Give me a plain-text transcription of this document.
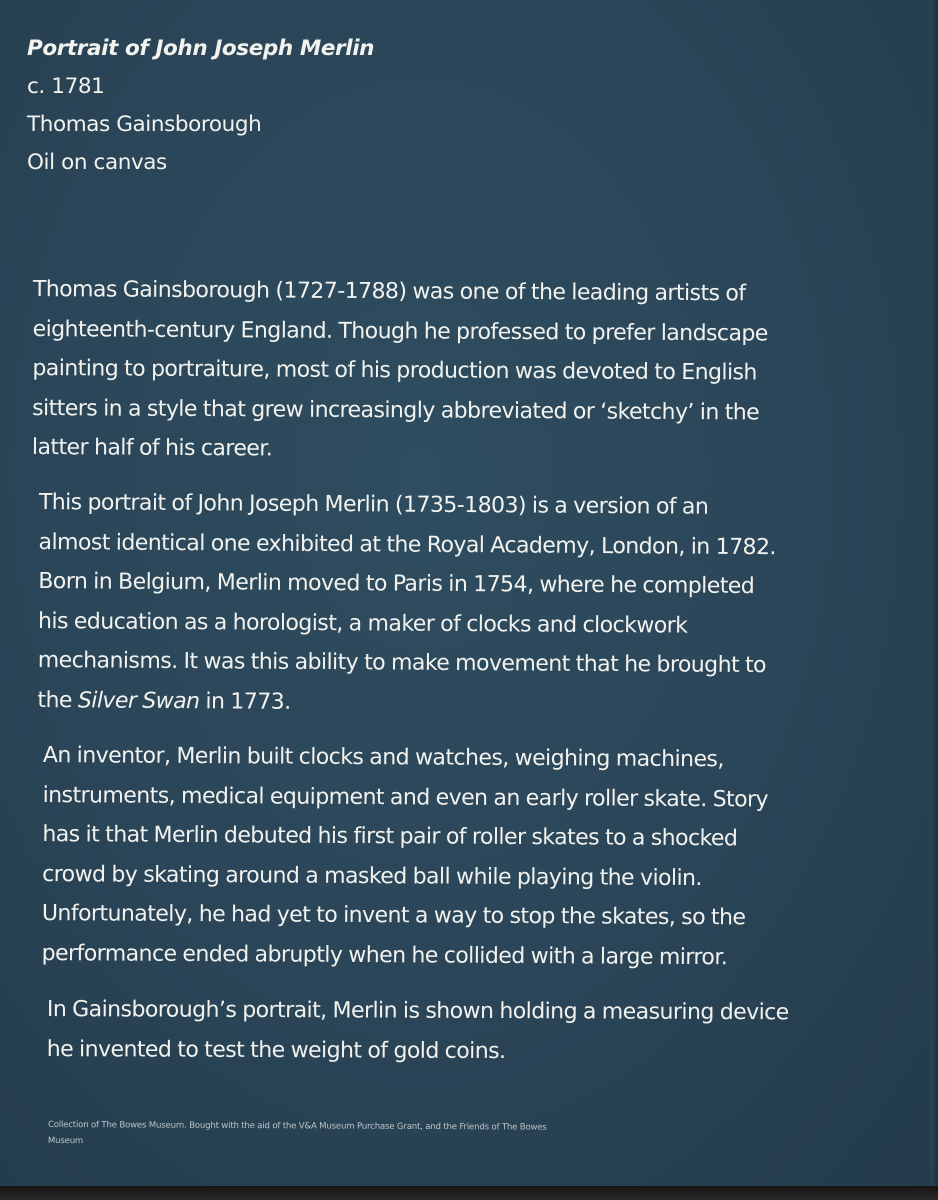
Portrait of John Joseph Merlin
c. 1781
Thomas Gainsborough
Oil on canvas
Thomas Gainsborough (1727-1788) was one of the leading artists of
eighteenth-century England. Though he professed to prefer landscape
painting to portraiture, most of his production was devoted to English
sitters in a style that grew increasingly abbreviated or ‘sketchy’ in the
latter half of his career.
This portrait of John Joseph Merlin (1735-1803) is a version of an
almost identical one exhibited at the Royal Academy, London, in 1782.
Born in Belgium, Merlin moved to Paris in 1754, where he completed
his education as a horologist, a maker of clocks and clockwork
mechanisms. It was this ability to make movement that he brought to
the Silver Swan in 1773.
An inventor, Merlin built clocks and watches, weighing machines,
instruments, medical equipment and even an early roller skate. Story
has it that Merlin debuted his first pair of roller skates to a shocked
crowd by skating around a masked ball while playing the violin.
Unfortunately, he had yet to invent a way to stop the skates, so the
performance ended abruptly when he collided with a large mirror.
In Gainsborough’s portrait, Merlin is shown holding a measuring device
he invented to test the weight of gold coins.
Collection of The Bowes Museum. Bought with the aid of the V&A Museum Purchase Grant, and the Friends of The Bowes
Museum
